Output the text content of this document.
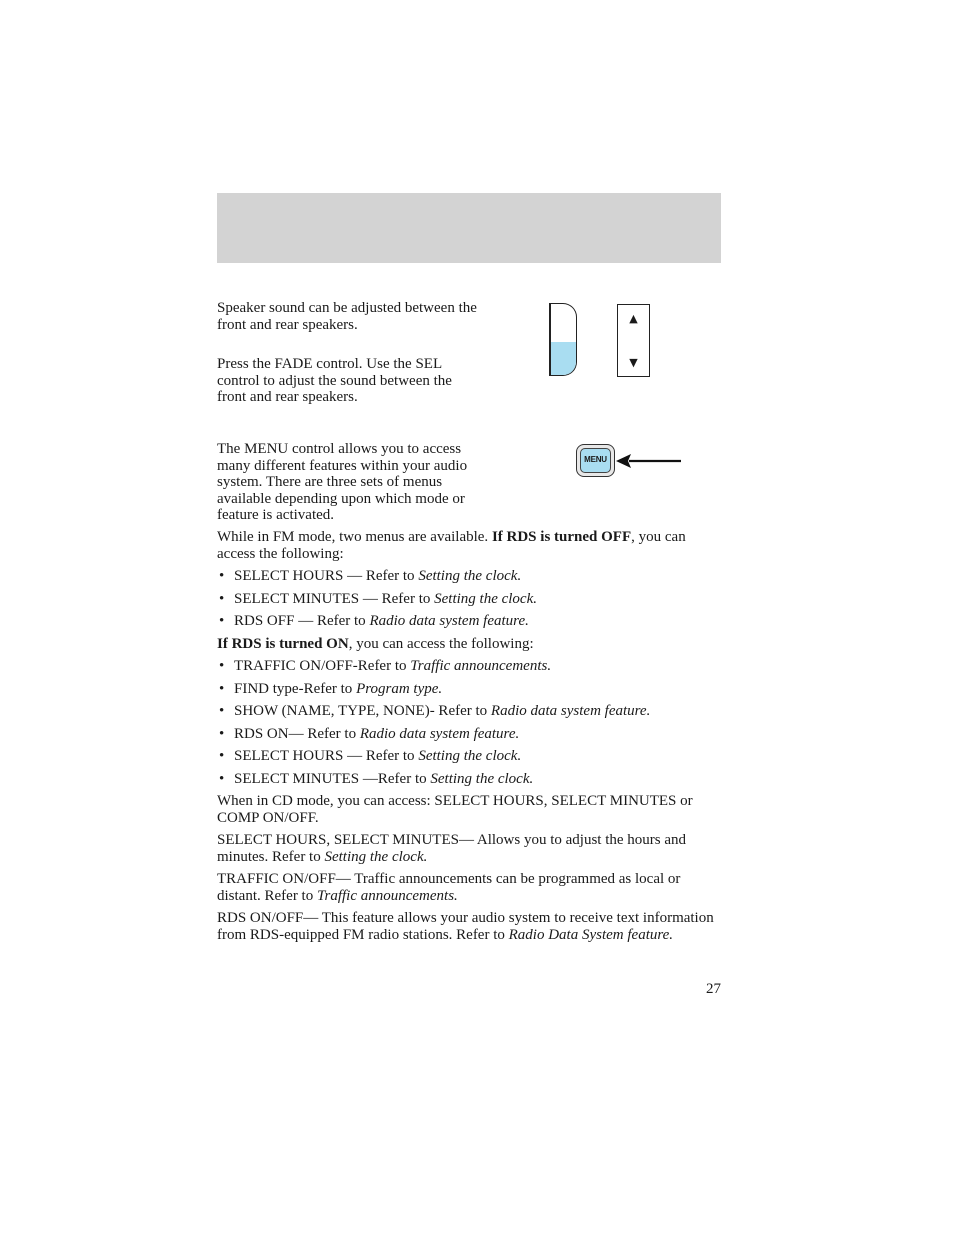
Speaker sound can be adjusted between the front and rear speakers.

Press the FADE control. Use the SEL control to adjust the sound between the front and rear speakers.

▲
▼

The MENU control allows you to access many different features within your audio system. There are three sets of menus available depending upon which mode or feature is activated.

MENU

While in FM mode, two menus are available. If RDS is turned OFF, you can access the following:

• SELECT HOURS — Refer to Setting the clock.
• SELECT MINUTES — Refer to Setting the clock.
• RDS OFF — Refer to Radio data system feature.

If RDS is turned ON, you can access the following:

• TRAFFIC ON/OFF-Refer to Traffic announcements.
• FIND type-Refer to Program type.
• SHOW (NAME, TYPE, NONE)- Refer to Radio data system feature.
• RDS ON— Refer to Radio data system feature.
• SELECT HOURS — Refer to Setting the clock.
• SELECT MINUTES —Refer to Setting the clock.

When in CD mode, you can access: SELECT HOURS, SELECT MINUTES or COMP ON/OFF.

SELECT HOURS, SELECT MINUTES— Allows you to adjust the hours and minutes. Refer to Setting the clock.

TRAFFIC ON/OFF— Traffic announcements can be programmed as local or distant. Refer to Traffic announcements.

RDS ON/OFF— This feature allows your audio system to receive text information from RDS-equipped FM radio stations. Refer to Radio Data System feature.

27
